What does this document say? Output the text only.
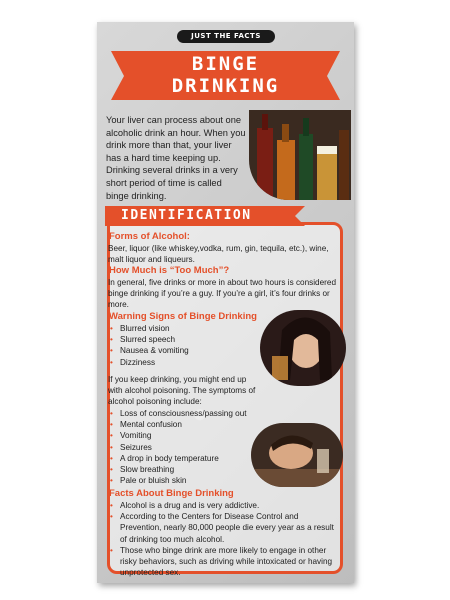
JUST THE FACTS
BINGE
DRINKING
Your liver can process about one alcoholic drink an hour. When you drink more than that, your liver has a hard time keeping up. Drinking several drinks in a very short period of time is called binge drinking.
IDENTIFICATION
Forms of Alcohol:
Beer, liquor (like whiskey,vodka, rum, gin, tequila, etc.), wine, malt liquor and liqueurs.
How Much is “Too Much”?
In general, five drinks or more in about two hours is considered binge drinking if you’re a guy. If you’re a girl, it’s four drinks or more.
Warning Signs of Binge Drinking
• Blurred vision
• Slurred speech
• Nausea & vomiting
• Dizziness
If you keep drinking, you might end up with alcohol poisoning. The symptoms of alcohol poisoning include:
• Loss of consciousness/passing out
• Mental confusion
• Vomiting
• Seizures
• A drop in body temperature
• Slow breathing
• Pale or bluish skin
Facts About Binge Drinking
• Alcohol is a drug and is very addictive.
• According to the Centers for Disease Control and Prevention, nearly 80,000 people die every year as a result of drinking too much alcohol.
• Those who binge drink are more likely to engage in other risky behaviors, such as driving while intoxicated or having unprotected sex.
